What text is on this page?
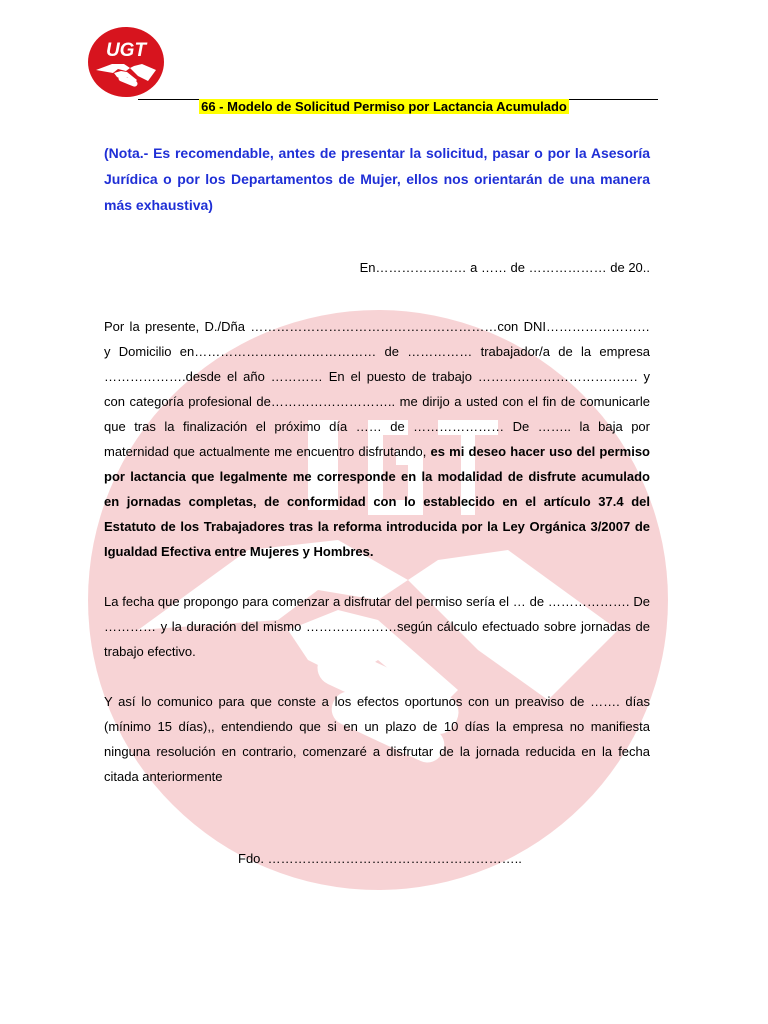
UGT
66 - Modelo de Solicitud Permiso por Lactancia Acumulado

(Nota.- Es recomendable, antes de presentar la solicitud, pasar o por la Asesoría Jurídica o por los Departamentos de Mujer, ellos nos orientarán de una manera más exhaustiva)

En………………… a …… de ……………… de 20..

Por la presente, D./Dña …………………………………………………con DNI…………………… y Domicilio en…………………………………… de …………… trabajador/a de la empresa ……………….desde el año ………… En el puesto de trabajo ………………………………. y con categoría profesional de……………………….. me dirijo a usted con el fin de comunicarle que tras la finalización el próximo día …… de ………………… De …….. la baja por maternidad que actualmente me encuentro disfrutando, es mi deseo hacer uso del permiso por lactancia que legalmente me corresponde en la modalidad de disfrute acumulado en jornadas completas, de conformidad con lo establecido en el artículo 37.4 del Estatuto de los Trabajadores tras la reforma introducida por la Ley Orgánica 3/2007 de Igualdad Efectiva entre Mujeres y Hombres.

La fecha que propongo para comenzar a disfrutar del permiso sería el … de ………………. De ………… y la duración del mismo …………………según cálculo efectuado sobre jornadas de trabajo efectivo.

Y así lo comunico para que conste a los efectos oportunos con un preaviso de ……. días (mínimo 15 días),, entendiendo que si en un plazo de 10 días la empresa no manifiesta ninguna resolución en contrario, comenzaré a disfrutar de la jornada reducida en la fecha citada anteriormente

Fdo. …………………………………………………..
